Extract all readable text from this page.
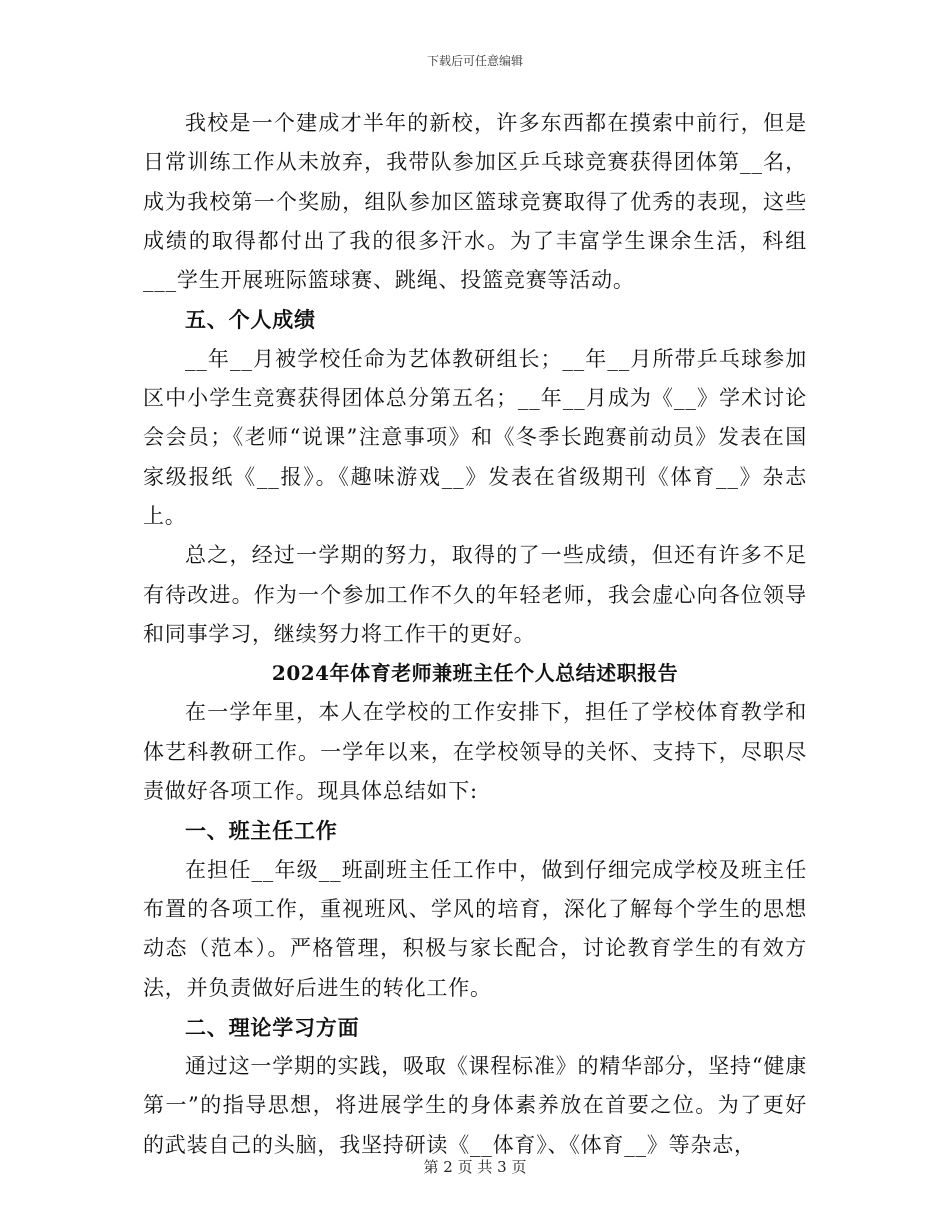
下载后可任意编辑

我校是一个建成才半年的新校，许多东西都在摸索中前行，但是日常训练工作从未放弃，我带队参加区乒乓球竞赛获得团体第__名，成为我校第一个奖励，组队参加区篮球竞赛取得了优秀的表现，这些成绩的取得都付出了我的很多汗水。为了丰富学生课余生活，科组___学生开展班际篮球赛、跳绳、投篮竞赛等活动。

五、个人成绩

__年__月被学校任命为艺体教研组长；__年__月所带乒乓球参加区中小学生竞赛获得团体总分第五名；__年__月成为《__》学术讨论会会员；《老师“说课”注意事项》和《冬季长跑赛前动员》发表在国家级报纸《__报》。《趣味游戏__》发表在省级期刊《体育__》杂志上。

总之，经过一学期的努力，取得的了一些成绩，但还有许多不足有待改进。作为一个参加工作不久的年轻老师，我会虚心向各位领导和同事学习，继续努力将工作干的更好。

2024年体育老师兼班主任个人总结述职报告

在一学年里，本人在学校的工作安排下，担任了学校体育教学和体艺科教研工作。一学年以来，在学校领导的关怀、支持下，尽职尽责做好各项工作。现具体总结如下:

一、班主任工作

在担任__年级__班副班主任工作中，做到仔细完成学校及班主任布置的各项工作，重视班风、学风的培育，深化了解每个学生的思想动态（范本）。严格管理，积极与家长配合，讨论教育学生的有效方法，并负责做好后进生的转化工作。

二、理论学习方面

通过这一学期的实践，吸取《课程标准》的精华部分，坚持“健康第一”的指导思想，将进展学生的身体素养放在首要之位。为了更好的武装自己的头脑，我坚持研读《__体育》、《体育__》等杂志，

第 2 页 共 3 页
